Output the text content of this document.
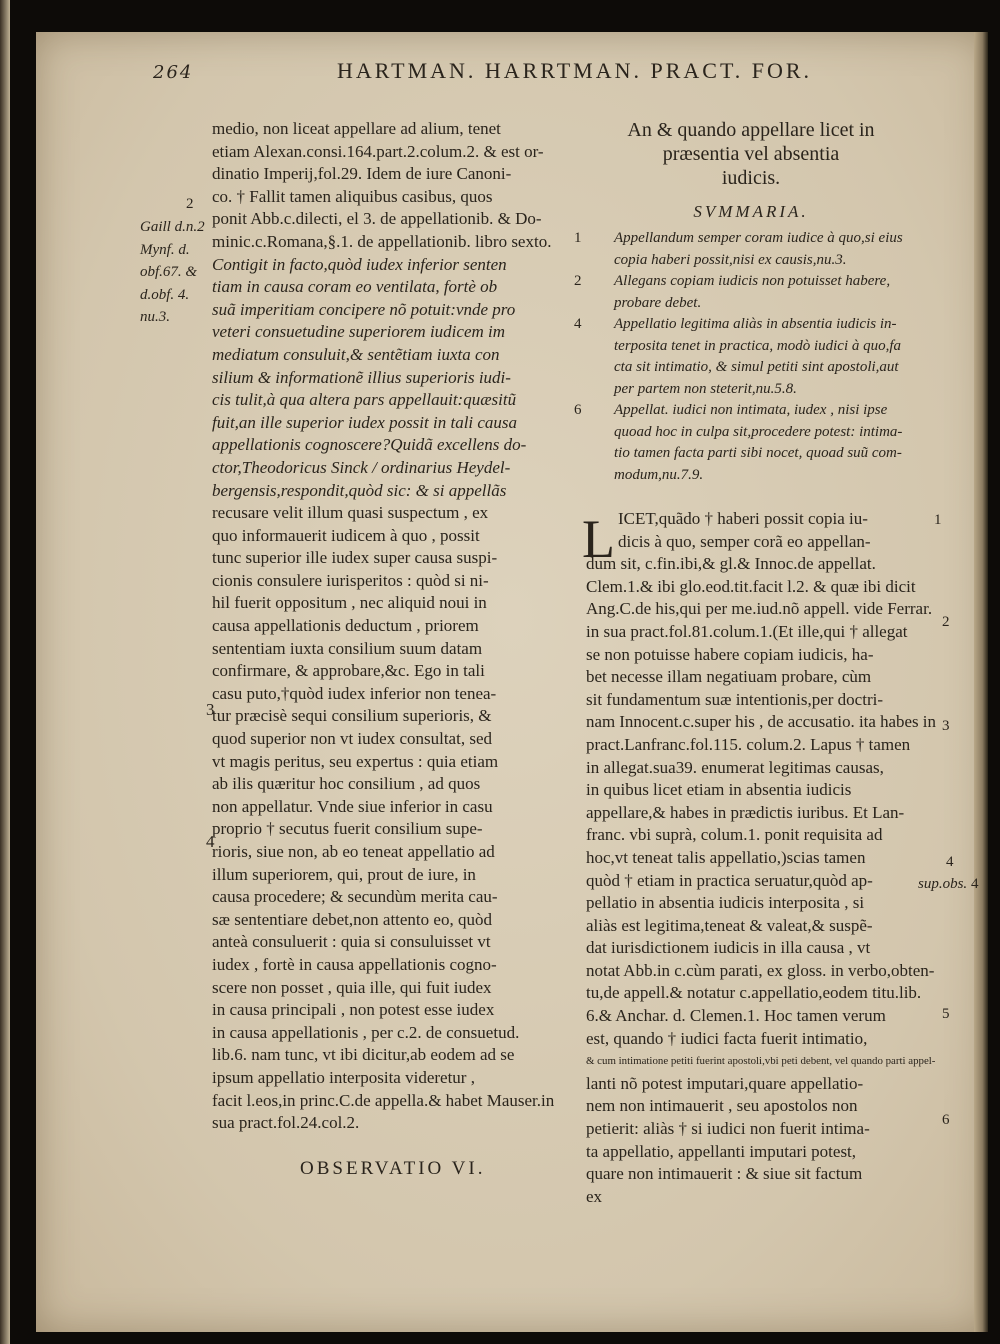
264	HARTMAN. HARRTMAN. PRACT. FOR.
medio, non liceat appellare ad alium, tenet
etiam Alexan.consi.164.part.2.colum.2. & est or-
dinatio Imperij,fol.29. Idem de iure Canoni-
co. † Fallit tamen aliquibus casibus, quos
ponit Abb.c.dilecti, el 3. de appellationib. & Do-
minic.c.Romana,§.1. de appellationib. libro sexto.
Contigit in facto,quòd iudex inferior senten
tiam in causa coram eo ventilata, fortè ob
suã imperitiam concipere nõ potuit:vnde pro
veteri consuetudine superiorem iudicem im
mediatum consuluit,& sentẽtiam iuxta con
silium & informationẽ illius superioris iudi-
cis tulit,à qua altera pars appellauit:quæsitũ
fuit,an ille superior iudex possit in tali causa
appellationis cognoscere?Quidã excellens do-
ctor,Theodoricus Sinck / ordinarius Heydel-
bergensis,respondit,quòd sic: & si appellãs
recusare velit illum quasi suspectum , ex
quo informauerit iudicem à quo , possit
tunc superior ille iudex super causa suspi-
cionis consulere iurisperitos : quòd si ni-
hil fuerit oppositum , nec aliquid noui in
causa appellationis deductum , priorem
sententiam iuxta consilium suum datam
confirmare, & approbare,&c. Ego in tali
casu puto,†quòd iudex inferior non tenea-
tur præcisè sequi consilium superioris, &
quod superior non vt iudex consultat, sed
vt magis peritus, seu expertus : quia etiam
ab ilis quæritur hoc consilium , ad quos
non appellatur. Vnde siue inferior in casu
proprio † secutus fuerit consilium supe-
rioris, siue non, ab eo teneat appellatio ad
illum superiorem, qui, prout de iure, in
causa procedere; & secundùm merita cau-
sæ sententiare debet,non attento eo, quòd
anteà consuluerit : quia si consuluisset vt
iudex , fortè in causa appellationis cogno-
scere non posset , quia ille, qui fuit iudex
in causa principali , non potest esse iudex
in causa appellationis , per c.2. de consuetud.
lib.6. nam tunc, vt ibi dicitur,ab eodem ad se
ipsum appellatio interposita videretur ,
facit l.eos,in princ.C.de appella.& habet Mauser.in
sua pract.fol.24.col.2.
2
Gaill d.n.2
Mynf. d.
obf.67. &
d.obf. 4.
nu.3.
3
4
OBSERVATIO VI.
An & quando appellare licet in
præsentia vel absentia
iudicis.
SVMMARIA.
1 Appellandum semper coram iudice à quo,si eius
copia haberi possit,nisi ex causis,nu.3.
2 Allegans copiam iudicis non potuisset habere,
probare debet.
4 Appellatio legitima aliàs in absentia iudicis in-
terposita tenet in practica, modò iudici à quo,fa
cta sit intimatio, & simul petiti sint apostoli,aut
per partem non steterit,nu.5.8.
6 Appellat. iudici non intimata, iudex , nisi ipse
quoad hoc in culpa sit,procedere potest: intima-
tio tamen facta parti sibi nocet, quoad suũ com-
modum,nu.7.9.
L ICET,quãdo † haberi possit copia iu-
dicis à quo, semper corã eo appellan-
dum sit, c.fin.ibi,& gl.& Innoc.de appellat.
Clem.1.& ibi glo.eod.tit.facit l.2. & quæ ibi dicit
Ang.C.de his,qui per me.iud.nõ appell. vide Ferrar.
in sua pract.fol.81.colum.1.(Et ille,qui † allegat
se non potuisse habere copiam iudicis, ha-
bet necesse illam negatiuam probare, cùm
sit fundamentum suæ intentionis,per doctri-
nam Innocent.c.super his , de accusatio. ita habes in
pract.Lanfranc.fol.115. colum.2. Lapus † tamen
in allegat.sua39. enumerat legitimas causas,
in quibus licet etiam in absentia iudicis
appellare,& habes in prædictis iuribus. Et Lan-
franc. vbi suprà, colum.1. ponit requisita ad
hoc,vt teneat talis appellatio,)scias tamen
quòd † etiam in practica seruatur,quòd ap-
pellatio in absentia iudicis interposita , si
aliàs est legitima,teneat & valeat,& suspẽ-
dat iurisdictionem iudicis in illa causa , vt
notat Abb.in c.cùm parati, ex gloss. in verbo,obten-
tu,de appell.& notatur c.appellatio,eodem titu.lib.
6.& Anchar. d. Clemen.1. Hoc tamen verum
est, quando † iudici facta fuerit intimatio,
& cum intimatione petiti fuerint apostoli,vbi peti debent, vel quando parti appel-
lanti nõ potest imputari,quare appellatio-
nem non intimauerit , seu apostolos non
petierit: aliàs † si iudici non fuerit intima-
ta appellatio, appellanti imputari potest,
quare non intimauerit : & siue sit factum
ex
1
2
3
4
sup.obs. 4
5
6
